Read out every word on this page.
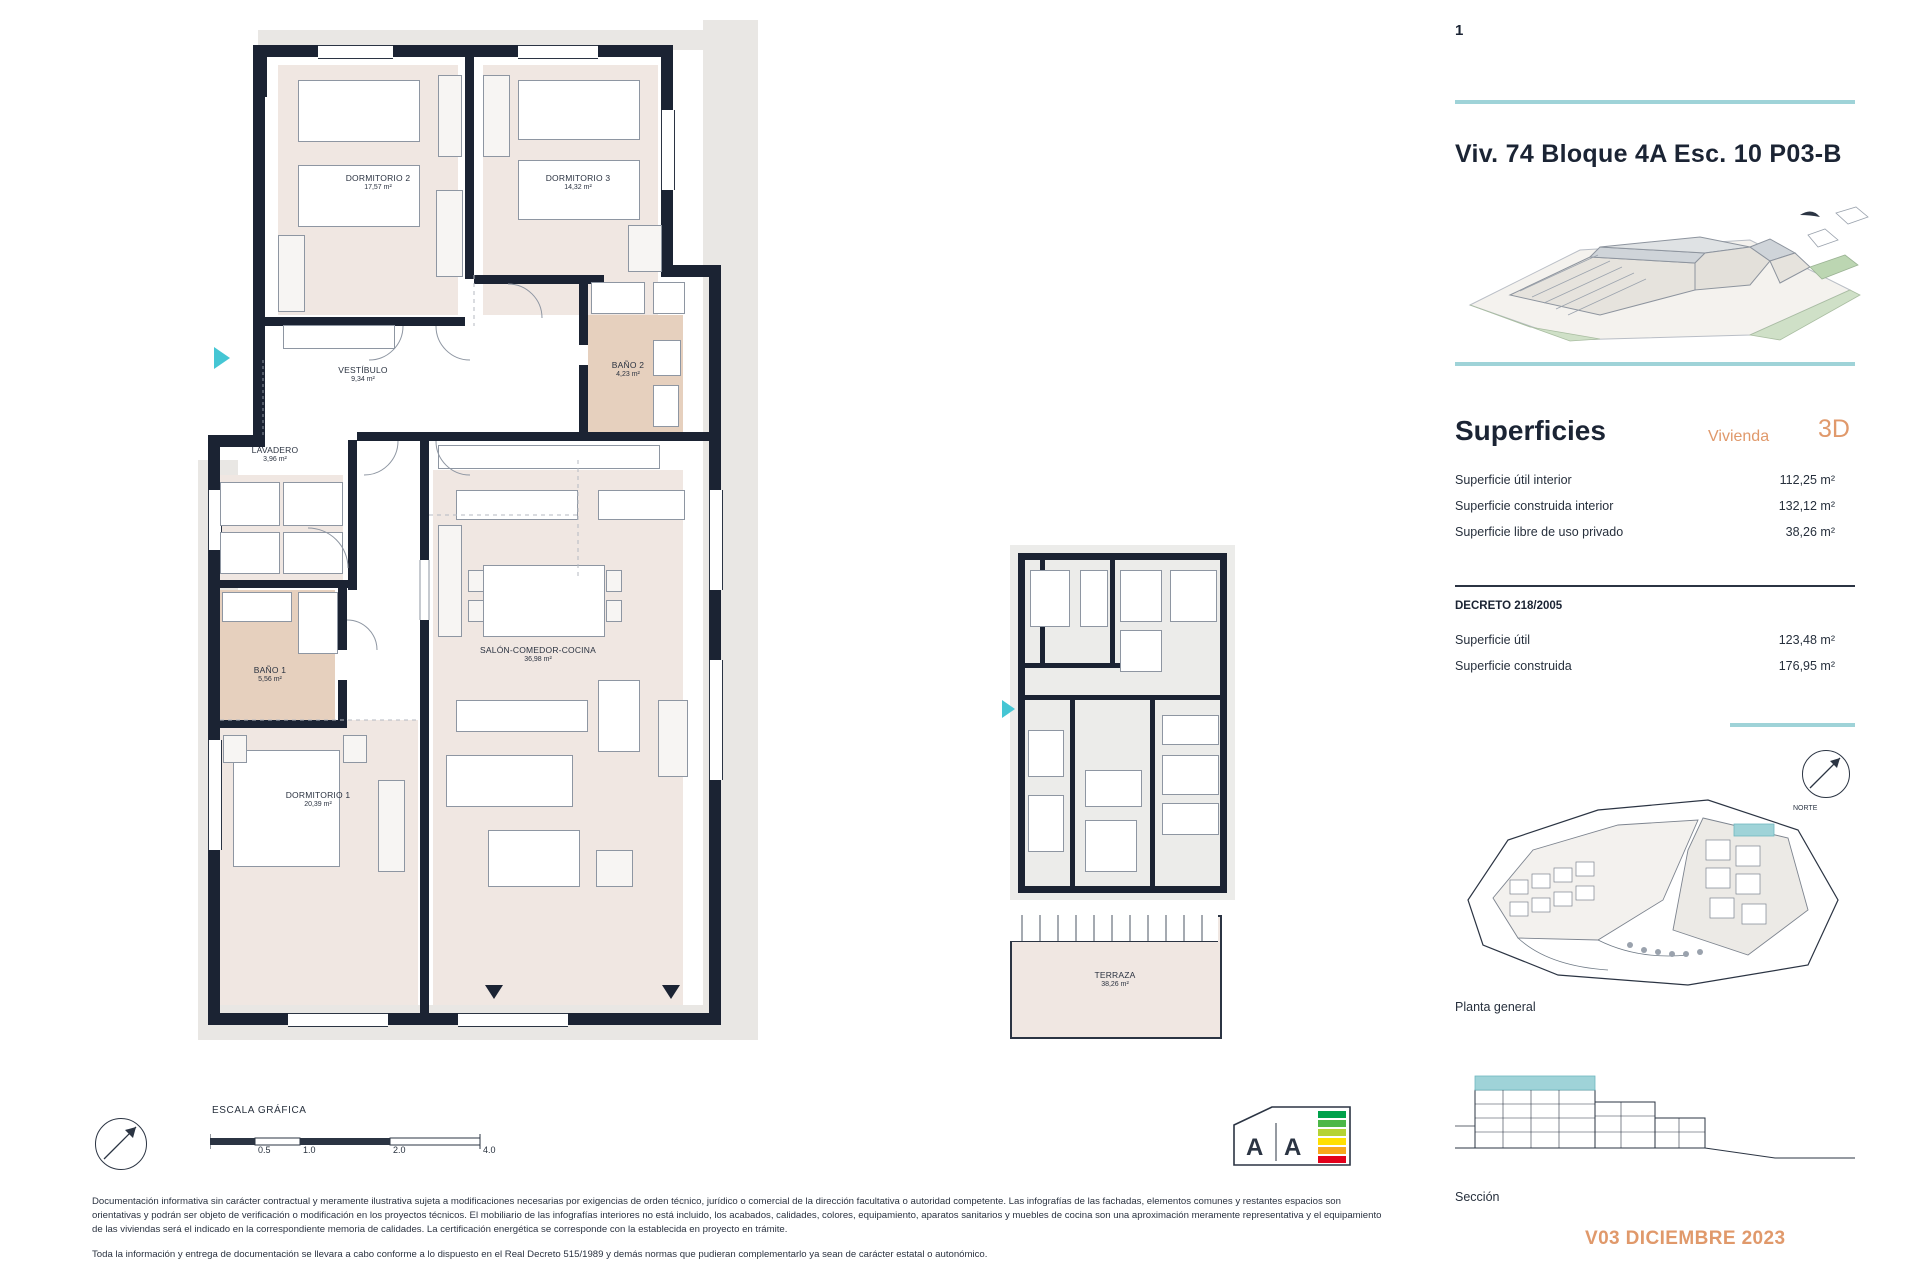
DORMITORIO 2
17,57 m²
DORMITORIO 3
14,32 m²
BAÑO 2
4,23 m²
VESTÍBULO
9,34 m²
LAVADERO
3,96 m²
BAÑO 1
5,56 m²
DORMITORIO 1
20,39 m²
SALÓN-COMEDOR-COCINA
36,98 m²
TERRAZA
38,26 m²
ESCALA GRÁFICA
0.5	1.0	2.0	4.0	A A

Documentación informativa sin carácter contractual y meramente ilustrativa sujeta a modificaciones necesarias por exigencias de orden técnico, jurídico o comercial de la dirección facultativa o autoridad competente. Las infografías de las fachadas, elementos comunes y restantes espacios son orientativas y podrán ser objeto de verificación o modificación en los proyectos técnicos. El mobiliario de las infografías interiores no está incluido, los acabados, calidades, colores, equipamiento, aparatos sanitarios y muebles de cocina son una aproximación meramente representativa y el equipamiento de las viviendas será el indicado en la correspondiente memoria de calidades. La certificación energética se corresponde con la establecida en proyecto en trámite.

Toda la información y entrega de documentación se llevara a cabo conforme a lo dispuesto en el Real Decreto 515/1989 y demás normas que pudieran complementarlo ya sean de carácter estatal o autonómico.

1
Viv. 74 Bloque 4A Esc. 10 P03-B
Superficies	Vivienda 3D
Superficie útil interior	112,25 m²
Superficie construida interior	132,12 m²
Superficie libre de uso privado	38,26 m²
DECRETO 218/2005
Superficie útil	123,48 m²
Superficie construida	176,95 m²
NORTE
Planta general
Sección
V03 DICIEMBRE 2023
